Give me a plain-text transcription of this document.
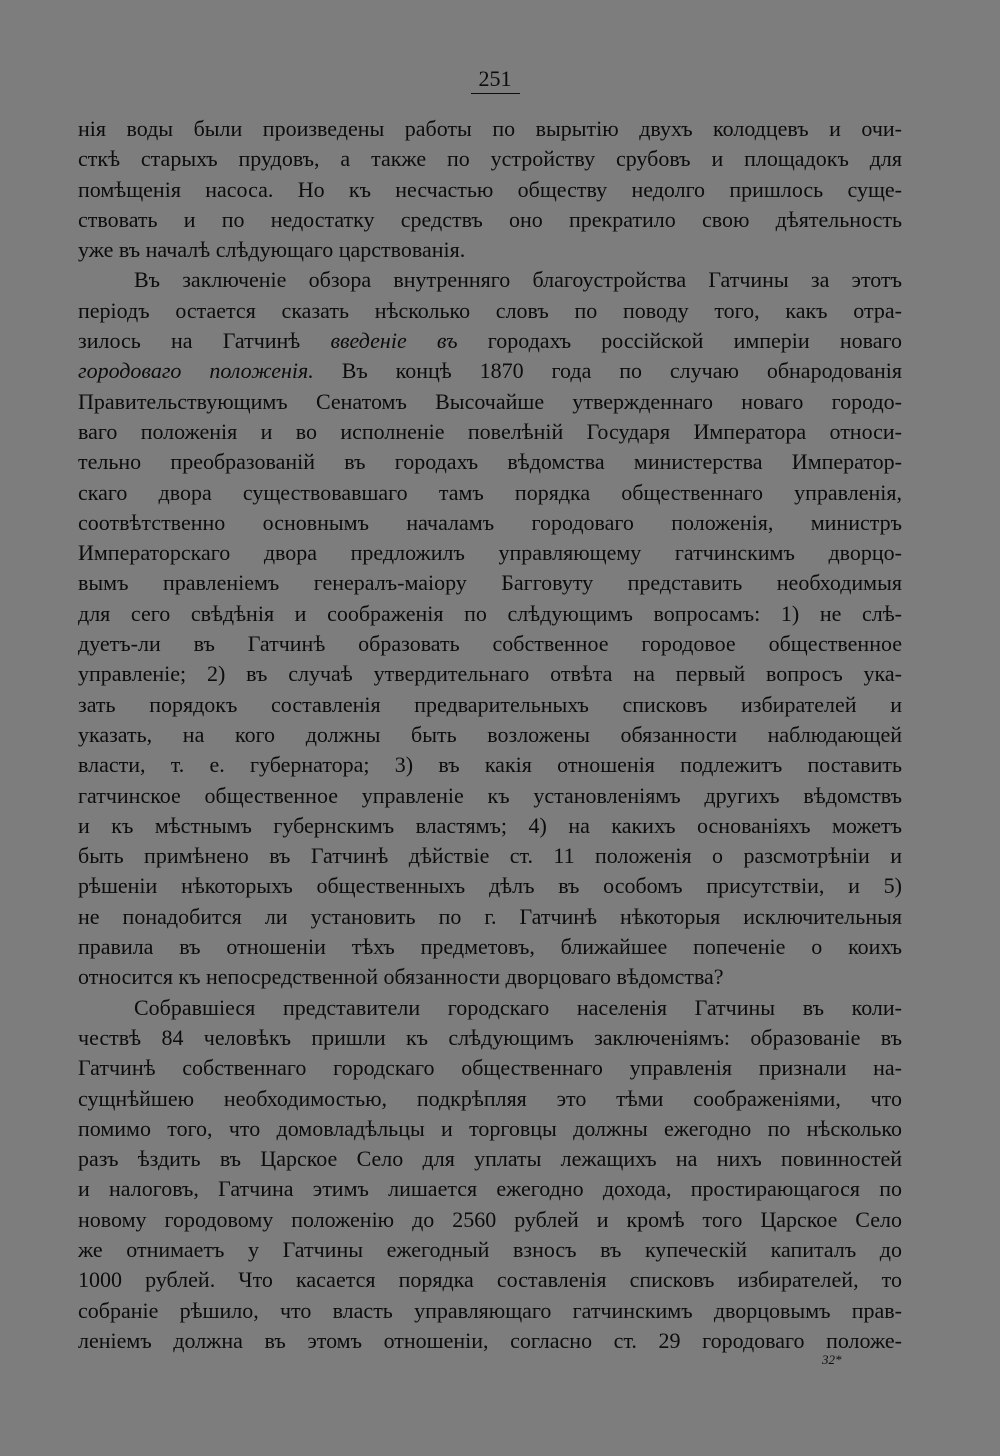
251
нія воды были произведены работы по вырытію двухъ колодцевъ и очи-
сткѣ старыхъ прудовъ, а также по устройству срубовъ и площадокъ для
помѣщенія насоса. Но къ несчастью обществу недолго пришлось суще-
ствовать и по недостатку средствъ оно прекратило свою дѣятельность
уже въ началѣ слѣдующаго царствованія.
Въ заключеніе обзора внутренняго благоустройства Гатчины за этотъ
періодъ остается сказать нѣсколько словъ по поводу того, какъ отра-
зилось на Гатчинѣ введеніе въ городахъ россійской имперіи новаго
городоваго положенія. Въ концѣ 1870 года по случаю обнародованія
Правительствующимъ Сенатомъ Высочайше утвержденнаго новаго городо-
ваго положенія и во исполненіе повелѣній Государя Императора относи-
тельно преобразованій въ городахъ вѣдомства министерства Император-
скаго двора существовавшаго тамъ порядка общественнаго управленія,
соотвѣтственно основнымъ началамъ городоваго положенія, министръ
Императорскаго двора предложилъ управляющему гатчинскимъ дворцо-
вымъ правленіемъ генералъ-маіору Багговуту представить необходимыя
для сего свѣдѣнія и соображенія по слѣдующимъ вопросамъ: 1) не слѣ-
дуетъ-ли въ Гатчинѣ образовать собственное городовое общественное
управленіе; 2) въ случаѣ утвердительнаго отвѣта на первый вопросъ ука-
зать порядокъ составленія предварительныхъ списковъ избирателей и
указать, на кого должны быть возложены обязанности наблюдающей
власти, т. е. губернатора; 3) въ какія отношенія подлежитъ поставить
гатчинское общественное управленіе къ установленіямъ другихъ вѣдомствъ
и къ мѣстнымъ губернскимъ властямъ; 4) на какихъ основаніяхъ можетъ
быть примѣнено въ Гатчинѣ дѣйствіе ст. 11 положенія о разсмотрѣніи и
рѣшеніи нѣкоторыхъ общественныхъ дѣлъ въ особомъ присутствіи, и 5)
не понадобится ли установить по г. Гатчинѣ нѣкоторыя исключительныя
правила въ отношеніи тѣхъ предметовъ, ближайшее попеченіе о коихъ
относится къ непосредственной обязанности дворцоваго вѣдомства?
Собравшіеся представители городскаго населенія Гатчины въ коли-
чествѣ 84 человѣкъ пришли къ слѣдующимъ заключеніямъ: образованіе въ
Гатчинѣ собственнаго городскаго общественнаго управленія признали на-
сущнѣйшею необходимостью, подкрѣпляя это тѣми соображеніями, что
помимо того, что домовладѣльцы и торговцы должны ежегодно по нѣсколько
разъ ѣздить въ Царское Село для уплаты лежащихъ на нихъ повинностей
и налоговъ, Гатчина этимъ лишается ежегодно дохода, простирающагося по
новому городовому положенію до 2560 рублей и кромѣ того Царское Село
же отнимаетъ у Гатчины ежегодный взносъ въ купеческій капиталъ до
1000 рублей. Что касается порядка составленія списковъ избирателей, то
собраніе рѣшило, что власть управляющаго гатчинскимъ дворцовымъ прав-
леніемъ должна въ этомъ отношеніи, согласно ст. 29 городоваго положе-
32*
